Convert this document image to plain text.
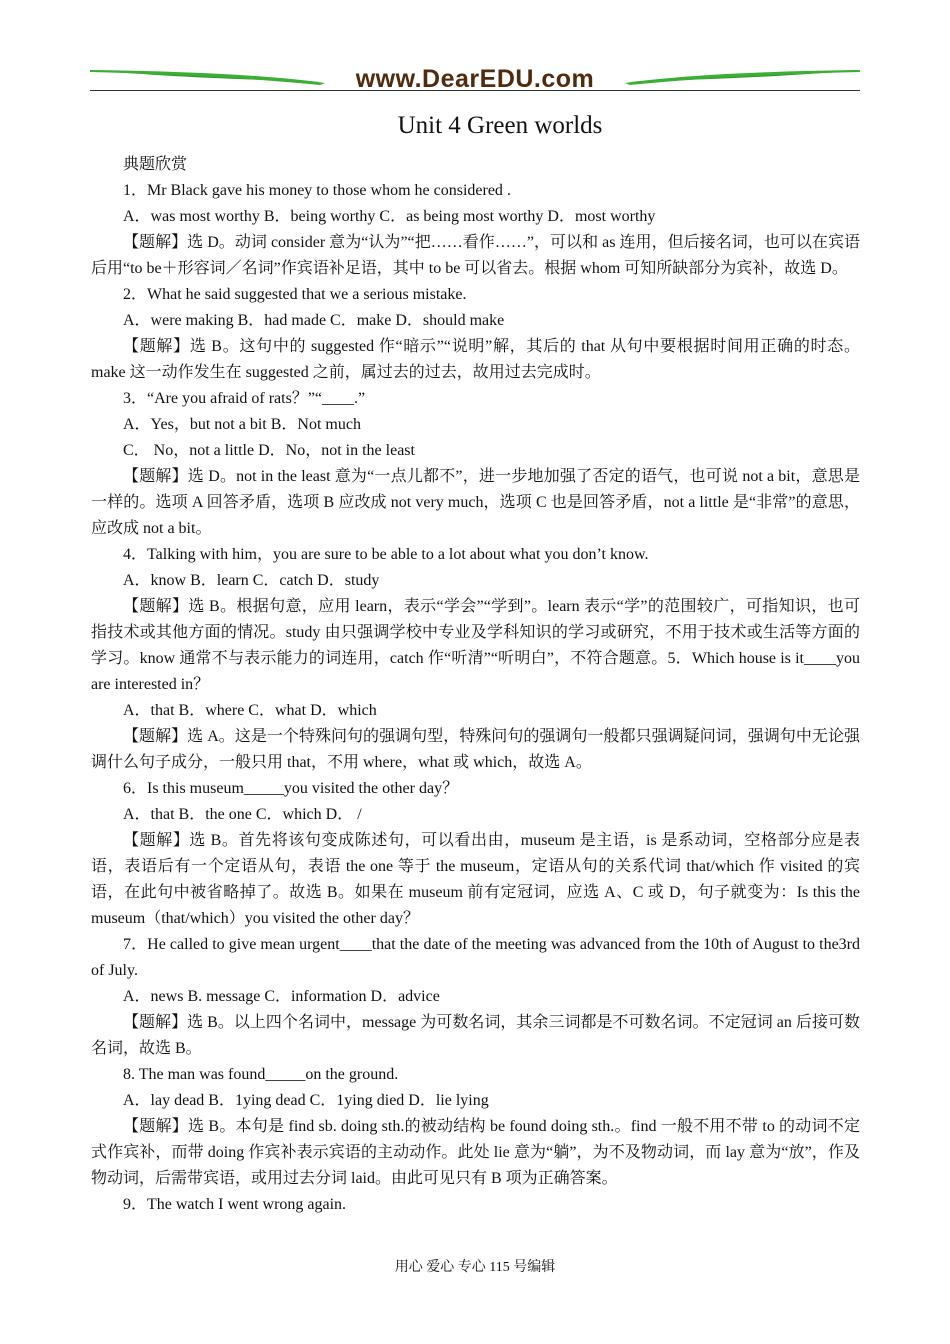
www.DearEDU.com
Unit 4 Green worlds

典题欣赏

1．Mr Black gave his money to those whom he considered .

A．was most worthy B．being worthy C．as being most worthy D．most worthy

【题解】选 D。动词 consider 意为“认为”“把……看作……”，可以和 as 连用，但后接名词，也可以在宾语后用“to be＋形容词／名词”作宾语补足语，其中 to be 可以省去。根据 whom 可知所缺部分为宾补，故选 D。

2．What he said suggested that we a serious mistake.

A．were making B．had made C．make D．should make

【题解】选 B。这句中的 suggested 作“暗示”“说明”解，其后的 that 从句中要根据时间用正确的时态。make 这一动作发生在 suggested 之前，属过去的过去，故用过去完成时。

3．“Are you afraid of rats？”“____.”

A．Yes，but not a bit B．Not much

C． No，not a little D．No，not in the least

【题解】选 D。not in the least 意为“一点儿都不”，进一步地加强了否定的语气，也可说 not a bit，意思是一样的。选项 A 回答矛盾，选项 B 应改成 not very much，选项 C 也是回答矛盾，not a little 是“非常”的意思，应改成 not a bit。

4．Talking with him，you are sure to be able to a lot about what you don’t know.

A．know B．learn C．catch D．study

【题解】选 B。根据句意，应用 learn，表示“学会”“学到”。learn 表示“学”的范围较广，可指知识，也可指技术或其他方面的情况。study 由只强调学校中专业及学科知识的学习或研究，不用于技术或生活等方面的学习。know 通常不与表示能力的词连用，catch 作“听清”“听明白”，不符合题意。5．Which house is it____you are interested in？

A．that B．where C．what D．which

【题解】选 A。这是一个特殊问句的强调句型，特殊问句的强调句一般都只强调疑问词，强调句中无论强调什么句子成分，一般只用 that，不用 where，what 或 which，故选 A。

6．Is this museum_____you visited the other day？

A．that B．the one C．which D． /

【题解】选 B。首先将该句变成陈述句，可以看出由，museum 是主语，is 是系动词，空格部分应是表语，表语后有一个定语从句，表语 the one 等于 the museum，定语从句的关系代词 that/which 作 visited 的宾语，在此句中被省略掉了。故选 B。如果在 museum 前有定冠词，应选 A、C 或 D，句子就变为：Is this the museum（that/which）you visited the other day？

7．He called to give mean urgent____that the date of the meeting was advanced from the 10th of August to the3rd of July.

A．news B. message C．information D．advice

【题解】选 B。以上四个名词中，message 为可数名词，其余三词都是不可数名词。不定冠词 an 后接可数名词，故选 B。

8. The man was found_____on the ground.

A．lay dead B．1ying dead C．1ying died D．lie lying

【题解】选 B。本句是 find sb. doing sth.的被动结构 be found doing sth.。find 一般不用不带 to 的动词不定式作宾补，而带 doing 作宾补表示宾语的主动动作。此处 lie 意为“躺”，为不及物动词，而 lay 意为“放”，作及物动词，后需带宾语，或用过去分词 laid。由此可见只有 B 项为正确答案。

9．The watch I went wrong again.

用心 爱心 专心 115 号编辑
